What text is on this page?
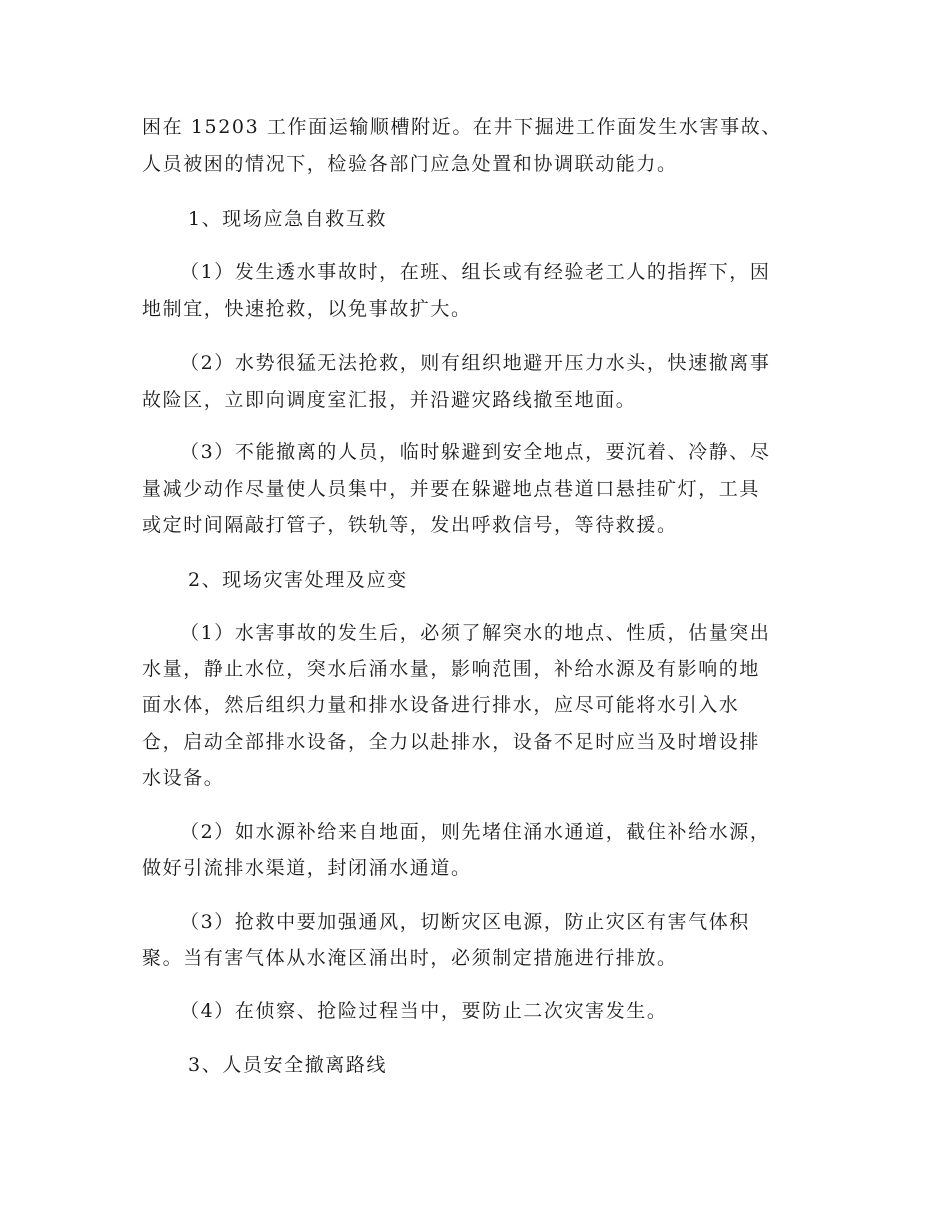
困在 15203 工作面运输顺槽附近。在井下掘进工作面发生水害事故、
人员被困的情况下，检验各部门应急处置和协调联动能力。
1、现场应急自救互救
（1）发生透水事故时，在班、组长或有经验老工人的指挥下，因
地制宜，快速抢救，以免事故扩大。
（2）水势很猛无法抢救，则有组织地避开压力水头，快速撤离事
故险区，立即向调度室汇报，并沿避灾路线撤至地面。
（3）不能撤离的人员，临时躲避到安全地点，要沉着、冷静、尽
量减少动作尽量使人员集中，并要在躲避地点巷道口悬挂矿灯，工具
或定时间隔敲打管子，铁轨等，发出呼救信号，等待救援。
2、现场灾害处理及应变
（1）水害事故的发生后，必须了解突水的地点、性质，估量突出
水量，静止水位，突水后涌水量，影响范围，补给水源及有影响的地
面水体，然后组织力量和排水设备进行排水，应尽可能将水引入水
仓，启动全部排水设备，全力以赴排水，设备不足时应当及时增设排
水设备。
（2）如水源补给来自地面，则先堵住涌水通道，截住补给水源，
做好引流排水渠道，封闭涌水通道。
（3）抢救中要加强通风，切断灾区电源，防止灾区有害气体积
聚。当有害气体从水淹区涌出时，必须制定措施进行排放。
（4）在侦察、抢险过程当中，要防止二次灾害发生。
3、人员安全撤离路线
